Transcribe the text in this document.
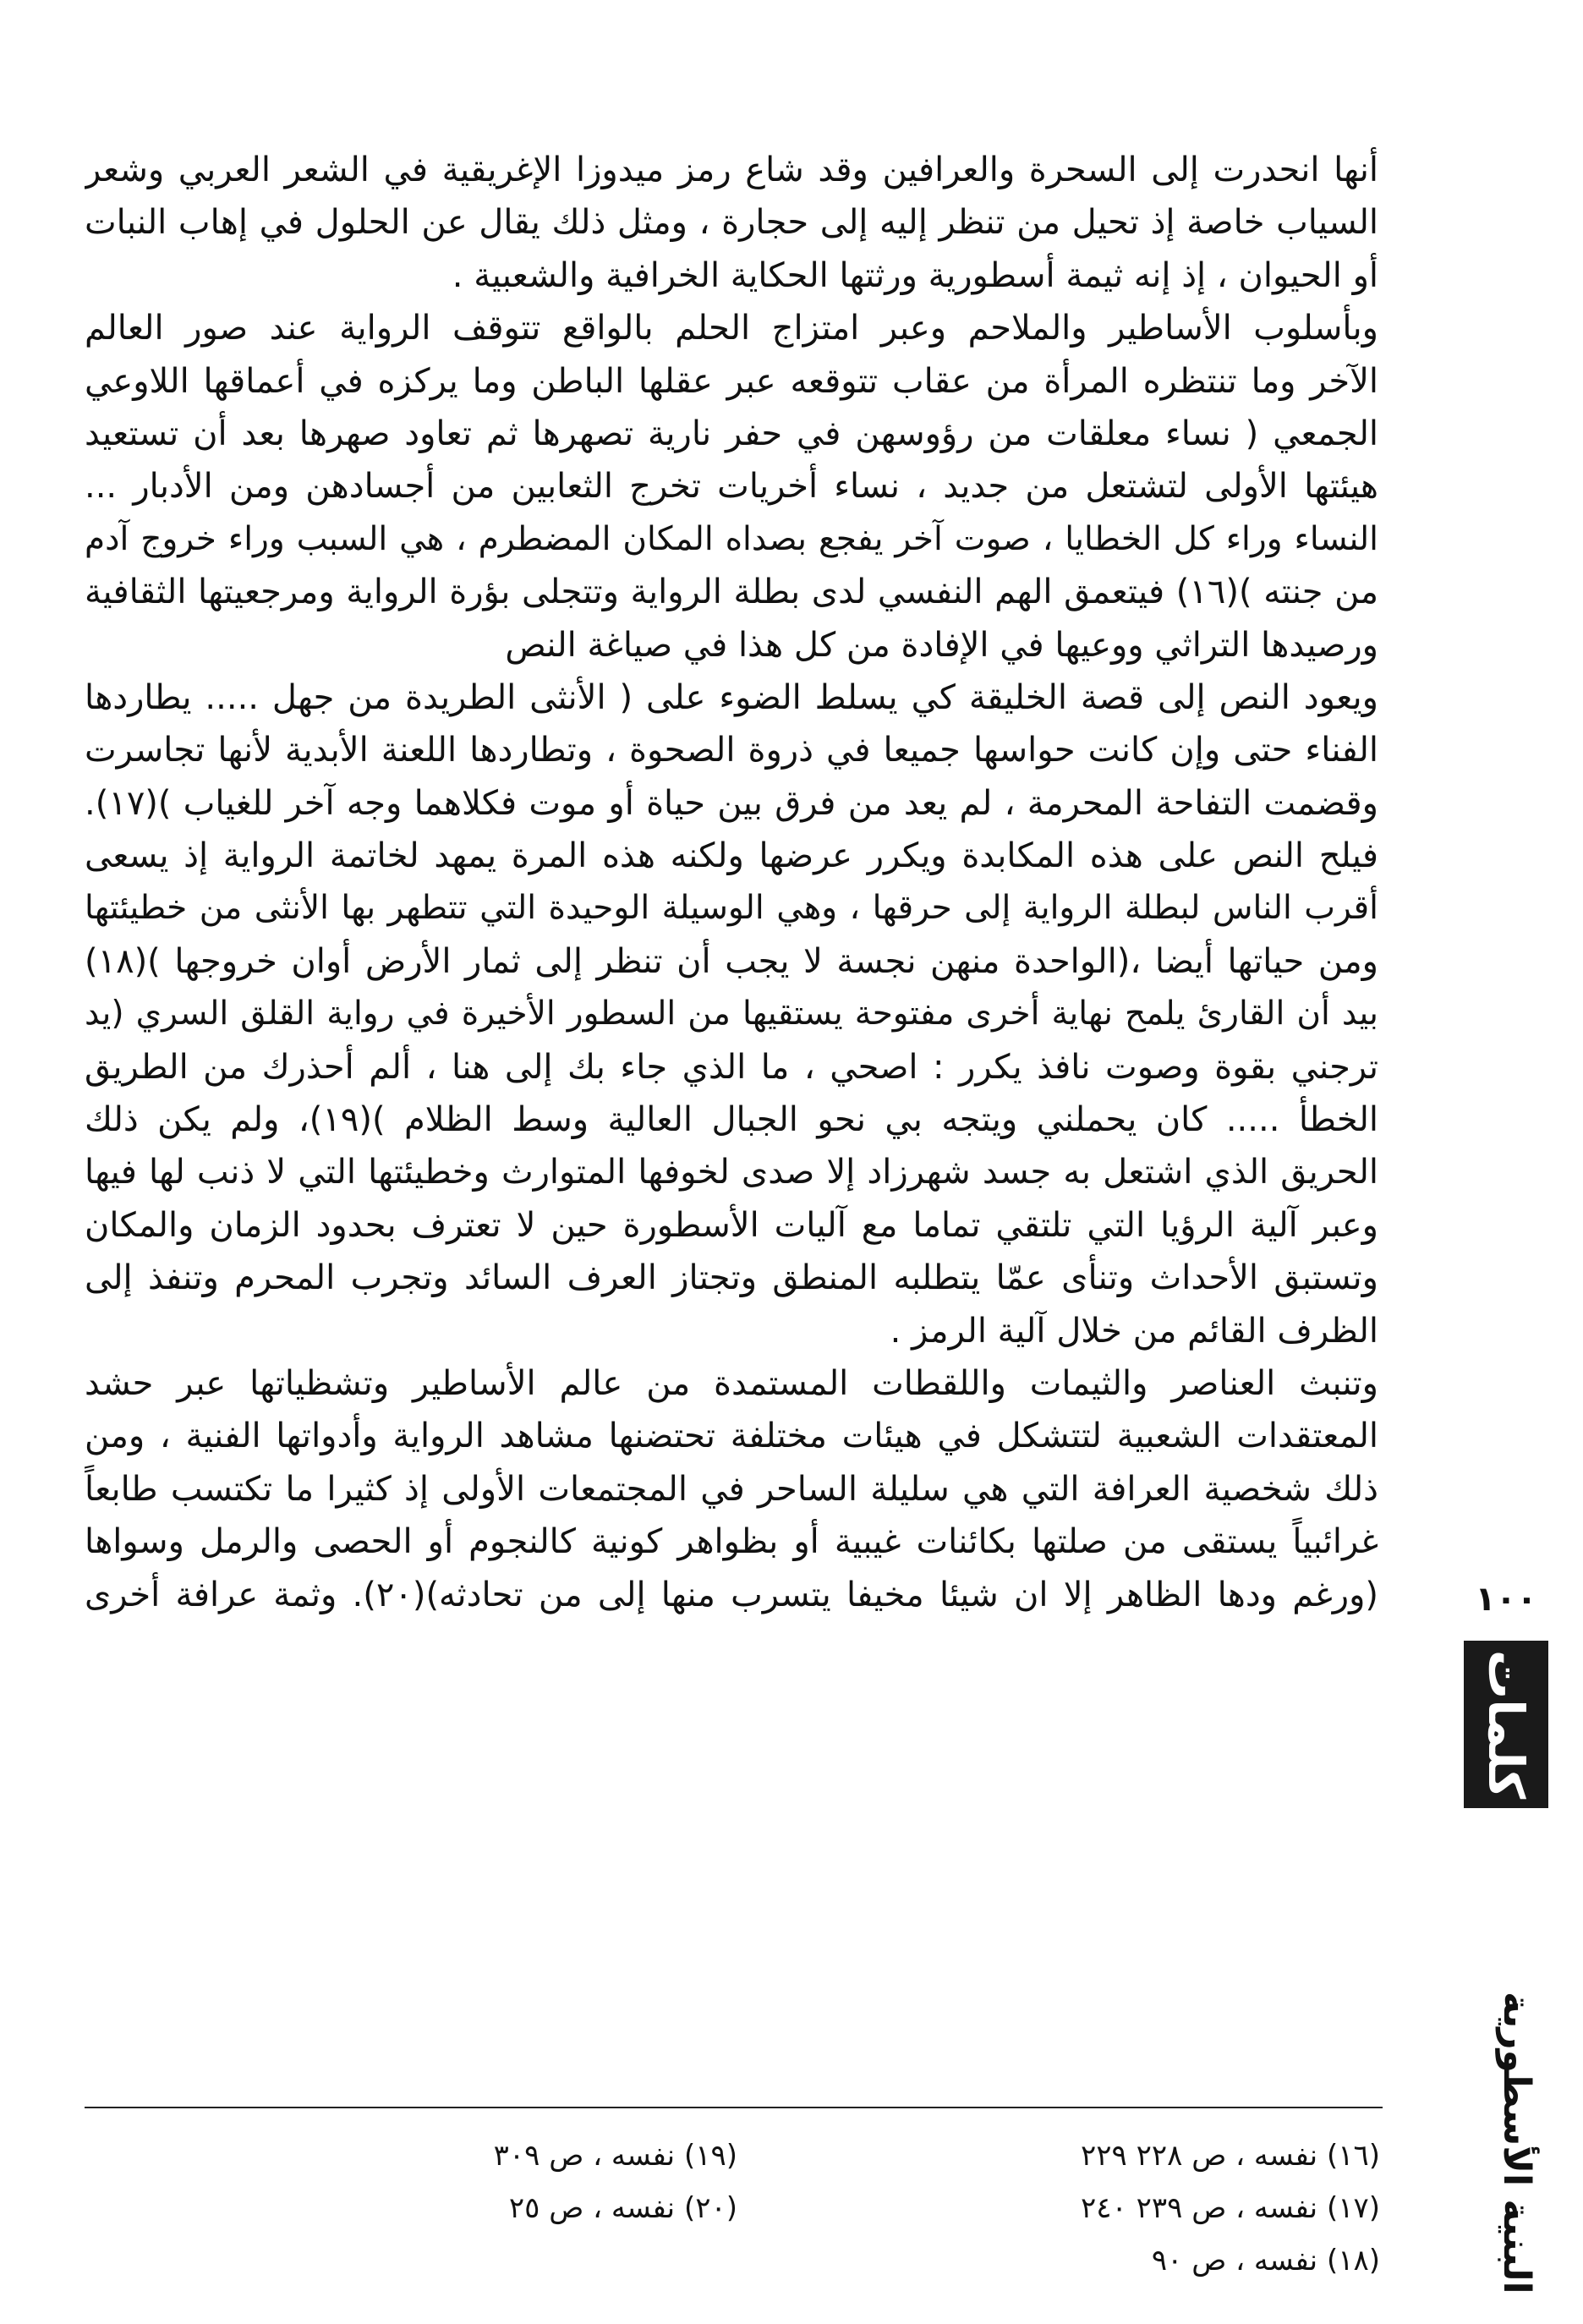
أنها انحدرت إلى السحرة والعرافين وقد شاع رمز ميدوزا الإغريقية في الشعر العربي وشعر
السياب خاصة إذ تحيل من تنظر إليه إلى حجارة ، ومثل ذلك يقال عن الحلول في إهاب النبات
أو الحيوان ، إذ إنه ثيمة أسطورية ورثتها الحكاية الخرافية والشعبية .
وبأسلوب الأساطير والملاحم وعبر امتزاج الحلم بالواقع تتوقف الرواية عند صور العالم
الآخر وما تنتظره المرأة من عقاب تتوقعه عبر عقلها الباطن وما يركزه في أعماقها اللاوعي
الجمعي ( نساء معلقات من رؤوسهن في حفر نارية تصهرها ثم تعاود صهرها بعد أن تستعيد
هيئتها الأولى لتشتعل من جديد ، نساء أخريات تخرج الثعابين من أجسادهن ومن الأدبار ...
النساء وراء كل الخطايا ، صوت آخر يفجع بصداه المكان المضطرم ، هي السبب وراء خروج آدم
من جنته )(١٦) فيتعمق الهم النفسي لدى بطلة الرواية وتتجلى بؤرة الرواية ومرجعيتها الثقافية
ورصيدها التراثي ووعيها في الإفادة من كل هذا في صياغة النص
ويعود النص إلى قصة الخليقة كي يسلط الضوء على ( الأنثى الطريدة من جهل ..... يطاردها
الفناء حتى وإن كانت حواسها جميعا في ذروة الصحوة ، وتطاردها اللعنة الأبدية لأنها تجاسرت
وقضمت التفاحة المحرمة ، لم يعد من فرق بين حياة أو موت فكلاهما وجه آخر للغياب )(١٧).
فيلح النص على هذه المكابدة ويكرر عرضها ولكنه هذه المرة يمهد لخاتمة الرواية إذ يسعى
أقرب الناس لبطلة الرواية إلى حرقها ، وهي الوسيلة الوحيدة التي تتطهر بها الأنثى من خطيئتها
ومن حياتها أيضا ،(الواحدة منهن نجسة لا يجب أن تنظر إلى ثمار الأرض أوان خروجها )(١٨)
بيد أن القارئ يلمح نهاية أخرى مفتوحة يستقيها من السطور الأخيرة في رواية القلق السري (يد
ترجني بقوة وصوت نافذ يكرر : اصحي ، ما الذي جاء بك إلى هنا ، ألم أحذرك من الطريق
الخطأ ..... كان يحملني ويتجه بي نحو الجبال العالية وسط الظلام )(١٩)، ولم يكن ذلك
الحريق الذي اشتعل به جسد شهرزاد إلا صدى لخوفها المتوارث وخطيئتها التي لا ذنب لها فيها
وعبر آلية الرؤيا التي تلتقي تماما مع آليات الأسطورة حين لا تعترف بحدود الزمان والمكان
وتستبق الأحداث وتنأى عمّا يتطلبه المنطق وتجتاز العرف السائد وتجرب المحرم وتنفذ إلى
الظرف القائم من خلال آلية الرمز .
وتنبث العناصر والثيمات واللقطات المستمدة من عالم الأساطير وتشظياتها عبر حشد
المعتقدات الشعبية لتتشكل في هيئات مختلفة تحتضنها مشاهد الرواية وأدواتها الفنية ، ومن
ذلك شخصية العرافة التي هي سليلة الساحر في المجتمعات الأولى إذ كثيرا ما تكتسب طابعاً
غرائبياً يستقى من صلتها بكائنات غيبية أو بظواهر كونية كالنجوم أو الحصى والرمل وسواها
(ورغم ودها الظاهر إلا ان شيئا مخيفا يتسرب منها إلى من تحادثه)(٢٠). وثمة عرافة أخرى
(١٦) نفسه ، ص ٢٢٨ ٢٢٩
(١٧) نفسه ، ص ٢٣٩ ٢٤٠
(١٨) نفسه ، ص ٩٠
(١٩) نفسه ، ص ٣٠٩
(٢٠) نفسه ، ص ٢٥
١٠٠
كلمات
البنية الأسطورية
